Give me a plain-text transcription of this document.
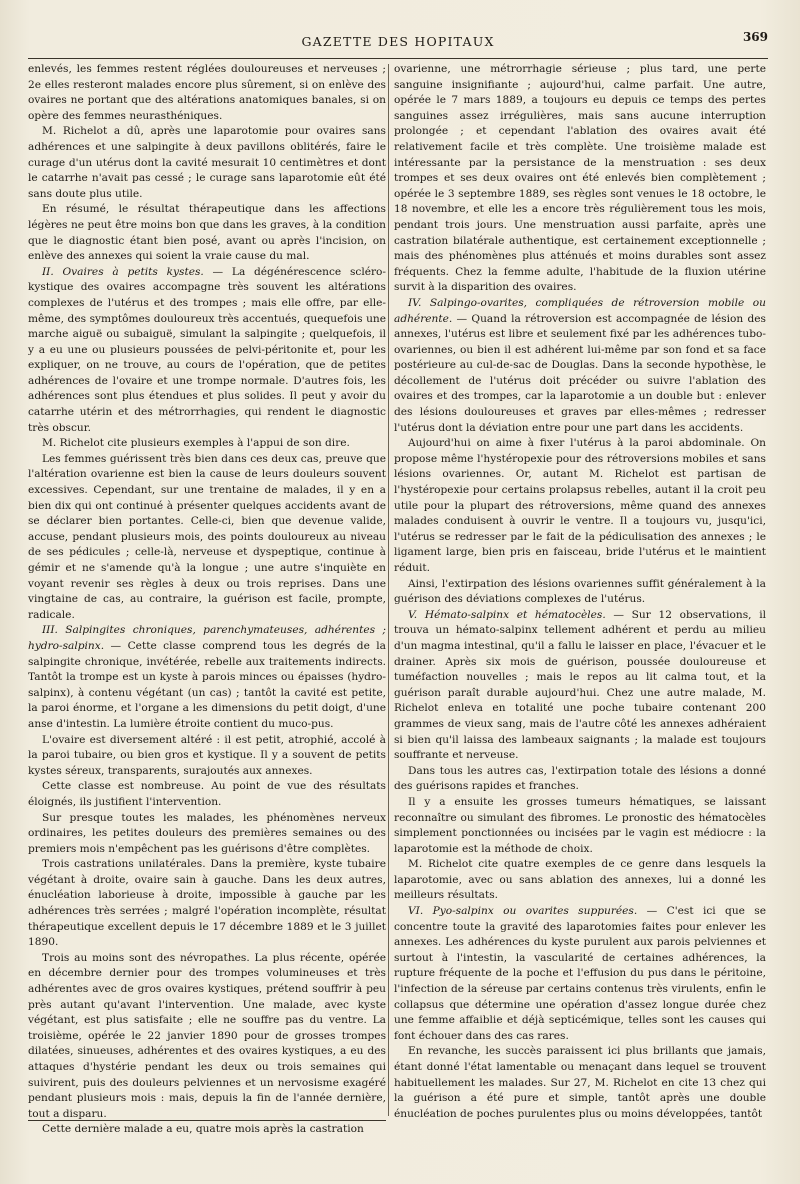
GAZETTE DES HOPITAUX	369

enlevés, les femmes restent réglées douloureuses et nerveuses ; 2e elles resteront malades encore plus sûrement, si on enlève des ovaires ne portant que des altérations anatomiques banales, si on opère des femmes neurasthéniques.

M. Richelot a dû, après une laparotomie pour ovaires sans adhérences et une salpingite à deux pavillons oblitérés, faire le curage d'un utérus dont la cavité mesurait 10 centimètres et dont le catarrhe n'avait pas cessé ; le curage sans laparotomie eût été sans doute plus utile.

En résumé, le résultat thérapeutique dans les affections légères ne peut être moins bon que dans les graves, à la condition que le diagnostic étant bien posé, avant ou après l'incision, on enlève des annexes qui soient la vraie cause du mal.

II. Ovaires à petits kystes. — La dégénérescence scléro-kystique des ovaires accompagne très souvent les altérations complexes de l'utérus et des trompes ; mais elle offre, par elle-même, des symptômes douloureux très accentués, quequefois une marche aiguë ou subaiguë, simulant la salpingite ; quelquefois, il y a eu une ou plusieurs poussées de pelvi-péritonite et, pour les expliquer, on ne trouve, au cours de l'opération, que de petites adhérences de l'ovaire et une trompe normale. D'autres fois, les adhérences sont plus étendues et plus solides. Il peut y avoir du catarrhe utérin et des métrorrhagies, qui rendent le diagnostic très obscur.

M. Richelot cite plusieurs exemples à l'appui de son dire.

Les femmes guérissent très bien dans ces deux cas, preuve que l'altération ovarienne est bien la cause de leurs douleurs souvent excessives. Cependant, sur une trentaine de malades, il y en a bien dix qui ont continué à présenter quelques accidents avant de se déclarer bien portantes. Celle-ci, bien que devenue valide, accuse, pendant plusieurs mois, des points douloureux au niveau de ses pédicules ; celle-là, nerveuse et dyspeptique, continue à gémir et ne s'amende qu'à la longue ; une autre s'inquiète en voyant revenir ses règles à deux ou trois reprises. Dans une vingtaine de cas, au contraire, la guérison est facile, prompte, radicale.

III. Salpingites chroniques, parenchymateuses, adhérentes ; hydro-salpinx. — Cette classe comprend tous les degrés de la salpingite chronique, invétérée, rebelle aux traitements indirects. Tantôt la trompe est un kyste à parois minces ou épaisses (hydro-salpinx), à contenu végétant (un cas) ; tantôt la cavité est petite, la paroi énorme, et l'organe a les dimensions du petit doigt, d'une anse d'intestin. La lumière étroite contient du muco-pus.

L'ovaire est diversement altéré : il est petit, atrophié, accolé à la paroi tubaire, ou bien gros et kystique. Il y a souvent de petits kystes séreux, transparents, surajoutés aux annexes.

Cette classe est nombreuse. Au point de vue des résultats éloignés, ils justifient l'intervention.

Sur presque toutes les malades, les phénomènes nerveux ordinaires, les petites douleurs des premières semaines ou des premiers mois n'empêchent pas les guérisons d'être complètes.

Trois castrations unilatérales. Dans la première, kyste tubaire végétant à droite, ovaire sain à gauche. Dans les deux autres, énucléation laborieuse à droite, impossible à gauche par les adhérences très serrées ; malgré l'opération incomplète, résultat thérapeutique excellent depuis le 17 décembre 1889 et le 3 juillet 1890.

Trois au moins sont des névropathes. La plus récente, opérée en décembre dernier pour des trompes volumineuses et très adhérentes avec de gros ovaires kystiques, prétend souffrir à peu près autant qu'avant l'intervention. Une malade, avec kyste végétant, est plus satisfaite ; elle ne souffre pas du ventre. La troisième, opérée le 22 janvier 1890 pour de grosses trompes dilatées, sinueuses, adhérentes et des ovaires kystiques, a eu des attaques d'hystérie pendant les deux ou trois semaines qui suivirent, puis des douleurs pelviennes et un nervosisme exagéré pendant plusieurs mois : mais, depuis la fin de l'année dernière, tout a disparu.

Cette dernière malade a eu, quatre mois après la castration

ovarienne, une métrorrhagie sérieuse ; plus tard, une perte sanguine insignifiante ; aujourd'hui, calme parfait. Une autre, opérée le 7 mars 1889, a toujours eu depuis ce temps des pertes sanguines assez irrégulières, mais sans aucune interruption prolongée ; et cependant l'ablation des ovaires avait été relativement facile et très complète. Une troisième malade est intéressante par la persistance de la menstruation : ses deux trompes et ses deux ovaires ont été enlevés bien complètement ; opérée le 3 septembre 1889, ses règles sont venues le 18 octobre, le 18 novembre, et elle les a encore très régulièrement tous les mois, pendant trois jours. Une menstruation aussi parfaite, après une castration bilatérale authentique, est certainement exceptionnelle ; mais des phénomènes plus atténués et moins durables sont assez fréquents. Chez la femme adulte, l'habitude de la fluxion utérine survit à la disparition des ovaires.

IV. Salpingo-ovarites, compliquées de rétroversion mobile ou adhérente. — Quand la rétroversion est accompagnée de lésion des annexes, l'utérus est libre et seulement fixé par les adhérences tubo-ovariennes, ou bien il est adhérent lui-même par son fond et sa face postérieure au cul-de-sac de Douglas. Dans la seconde hypothèse, le décollement de l'utérus doit précéder ou suivre l'ablation des ovaires et des trompes, car la laparotomie a un double but : enlever des lésions douloureuses et graves par elles-mêmes ; redresser l'utérus dont la déviation entre pour une part dans les accidents.

Aujourd'hui on aime à fixer l'utérus à la paroi abdominale. On propose même l'hystéropexie pour des rétroversions mobiles et sans lésions ovariennes. Or, autant M. Richelot est partisan de l'hystéropexie pour certains prolapsus rebelles, autant il la croit peu utile pour la plupart des rétroversions, même quand des annexes malades conduisent à ouvrir le ventre. Il a toujours vu, jusqu'ici, l'utérus se redresser par le fait de la pédiculisation des annexes ; le ligament large, bien pris en faisceau, bride l'utérus et le maintient réduit.

Ainsi, l'extirpation des lésions ovariennes suffit généralement à la guérison des déviations complexes de l'utérus.

V. Hémato-salpinx et hématocèles. — Sur 12 observations, il trouva un hémato-salpinx tellement adhérent et perdu au milieu d'un magma intestinal, qu'il a fallu le laisser en place, l'évacuer et le drainer. Après six mois de guérison, poussée douloureuse et tuméfaction nouvelles ; mais le repos au lit calma tout, et la guérison paraît durable aujourd'hui. Chez une autre malade, M. Richelot enleva en totalité une poche tubaire contenant 200 grammes de vieux sang, mais de l'autre côté les annexes adhéraient si bien qu'il laissa des lambeaux saignants ; la malade est toujours souffrante et nerveuse.

Dans tous les autres cas, l'extirpation totale des lésions a donné des guérisons rapides et franches.

Il y a ensuite les grosses tumeurs hématiques, se laissant reconnaître ou simulant des fibromes. Le pronostic des hématocèles simplement ponctionnées ou incisées par le vagin est médiocre : la laparotomie est la méthode de choix.

M. Richelot cite quatre exemples de ce genre dans lesquels la laparotomie, avec ou sans ablation des annexes, lui a donné les meilleurs résultats.

VI. Pyo-salpinx ou ovarites suppurées. — C'est ici que se concentre toute la gravité des laparotomies faites pour enlever les annexes. Les adhérences du kyste purulent aux parois pelviennes et surtout à l'intestin, la vascularité de certaines adhérences, la rupture fréquente de la poche et l'effusion du pus dans le péritoine, l'infection de la séreuse par certains contenus très virulents, enfin le collapsus que détermine une opération d'assez longue durée chez une femme affaiblie et déjà septicémique, telles sont les causes qui font échouer dans des cas rares.

En revanche, les succès paraissent ici plus brillants que jamais, étant donné l'état lamentable ou menaçant dans lequel se trouvent habituellement les malades. Sur 27, M. Richelot en cite 13 chez qui la guérison a été pure et simple, tantôt après une double énucléation de poches purulentes plus ou moins développées, tantôt
